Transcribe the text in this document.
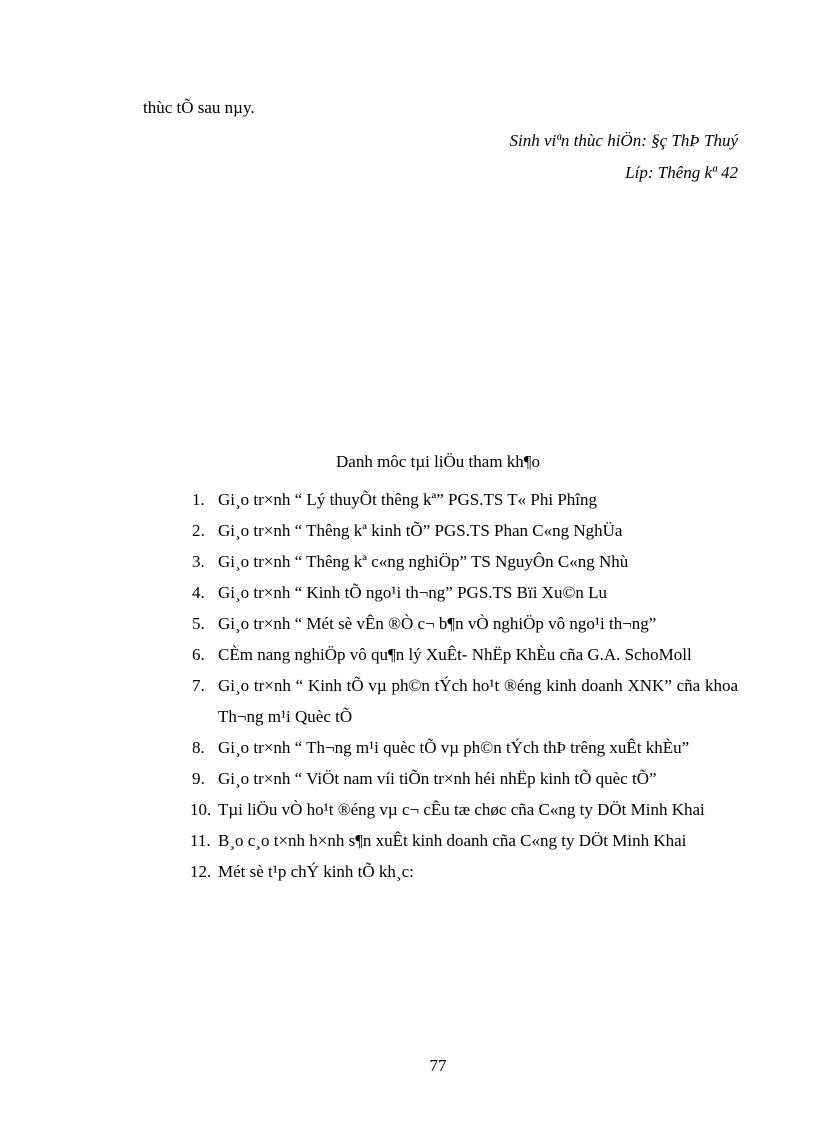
thùc tÕ sau nµy.
Sinh viªn thùc hiÖn: §ç ThÞ Thuý
Líp: Thêng kª 42
Danh môc tµi liÖu tham kh¶o
1. Gi¸o tr×nh “ Lý thuyÕt thêng kª” PGS.TS T« Phi Phîng
2. Gi¸o tr×nh “ Thêng kª kinh tÕ” PGS.TS Phan C«ng NghÜa
3. Gi¸o tr×nh “ Thêng kª c«ng nghiÖp” TS NguyÔn C«ng Nhù
4. Gi¸o tr×nh “ Kinh tÕ ngo¹i th¬ng” PGS.TS Bïi Xu©n Lu
5. Gi¸o tr×nh “ Mét sè vÊn ®Ò c¬ b¶n vÒ nghiÖp vô ngo¹i th¬ng”
6. CÈm nang nghiÖp vô qu¶n lý XuÊt- NhËp KhÈu cña G.A. SchoMoll
7. Gi¸o tr×nh “ Kinh tÕ vµ ph©n tÝch ho¹t ®éng kinh doanh XNK” cña khoa Th¬ng m¹i Quèc tÕ
8. Gi¸o tr×nh “ Th¬ng m¹i quèc tÕ vµ ph©n tÝch thÞ trêng xuÊt khÈu”
9. Gi¸o tr×nh “ ViÖt nam víi tiÕn tr×nh héi nhËp kinh tÕ quèc tÕ”
10. Tµi liÖu vÒ ho¹t ®éng vµ c¬ cÊu tæ chøc cña C«ng ty DÖt Minh Khai
11. B¸o c¸o t×nh h×nh s¶n xuÊt kinh doanh cña C«ng ty DÖt Minh Khai
12. Mét sè t¹p chÝ kinh tÕ kh¸c:
77
